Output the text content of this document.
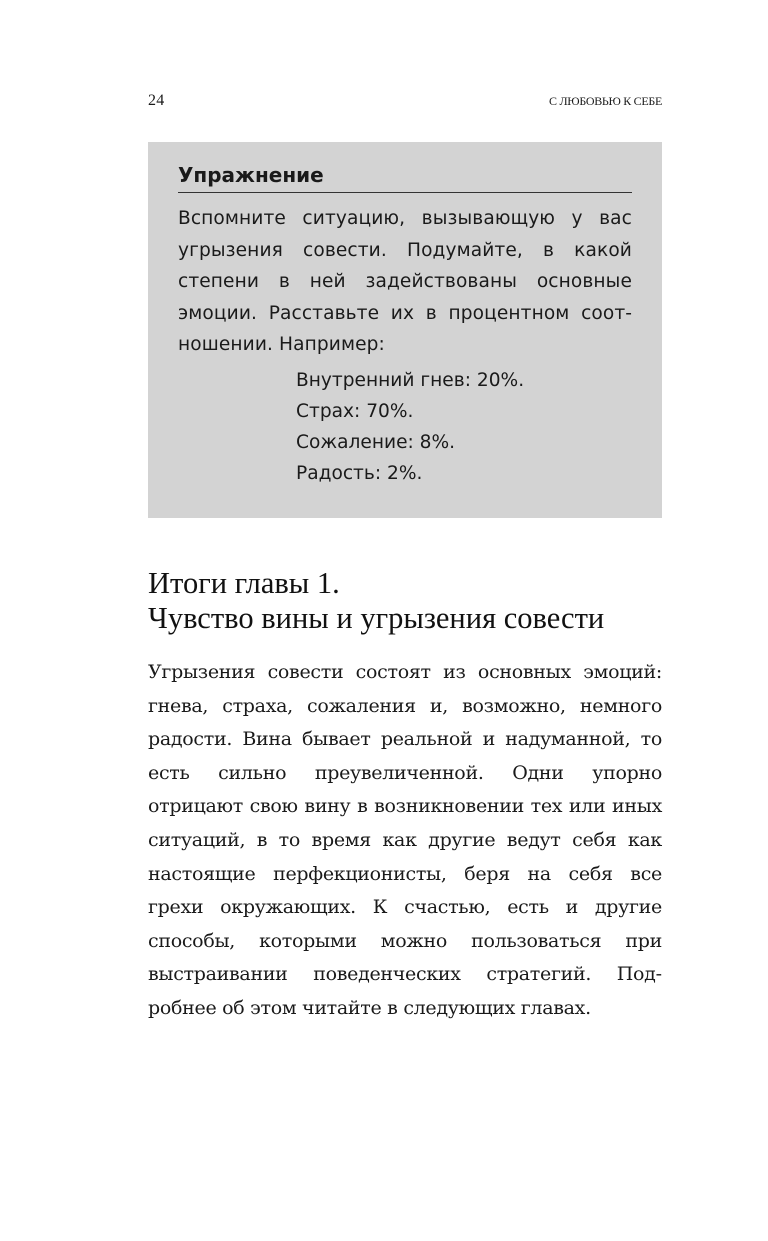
24	С ЛЮБОВЬЮ К СЕБЕ
Упражнение

Вспомните ситуацию, вызывающую у вас угрызения совести. Подумайте, в какой степени в ней задействованы основные эмоции. Расставьте их в процентном соотношении. Например:

Внутренний гнев: 20%.
Страх: 70%.
Сожаление: 8%.
Радость: 2%.
Итоги главы 1.
Чувство вины и угрызения совести

Угрызения совести состоят из основных эмоций: гнева, страха, сожаления и, возможно, немного радости. Вина бывает реальной и надуманной, то есть сильно преувеличенной. Одни упорно отрицают свою вину в возникновении тех или иных ситуаций, в то время как другие ведут себя как настоящие перфекционисты, беря на себя все грехи окружающих. К счастью, есть и другие способы, которыми можно пользоваться при выстраивании поведенческих стратегий. Подробнее об этом читайте в следующих главах.
